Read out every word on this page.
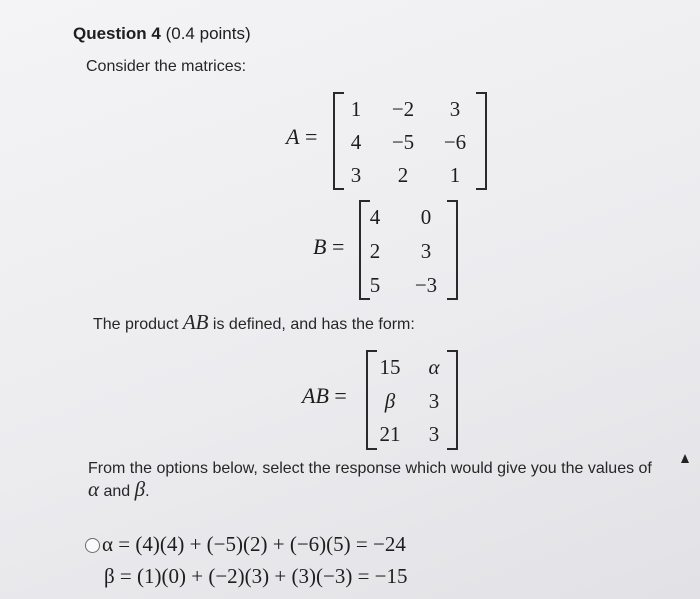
Question 4 (0.4 points)
Consider the matrices:
A =
1	−2	3
4	−5	−6
3	2	1
B =
4	0
2	3
5	−3
The product AB is defined, and has the form:
AB =
15	α
β	3
21	3
From the options below, select the response which would give you the values of
α and β.
α = (4)(4) + (−5)(2) + (−6)(5) = −24
β = (1)(0) + (−2)(3) + (3)(−3) = −15
